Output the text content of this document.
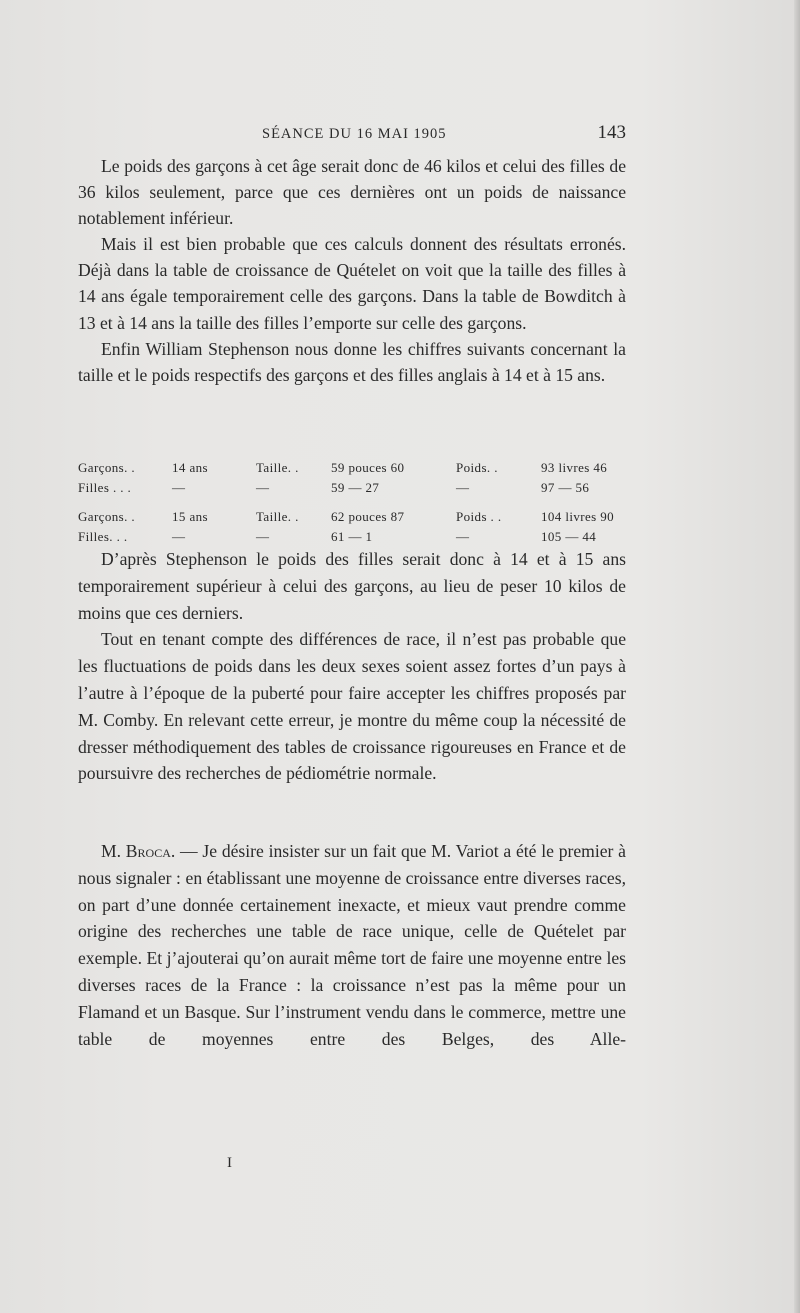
SÉANCE DU 16 MAI 1905	143

Le poids des garçons à cet âge serait donc de 46 kilos et celui des filles de 36 kilos seulement, parce que ces dernières ont un poids de naissance notablement inférieur.

Mais il est bien probable que ces calculs donnent des résultats erronés. Déjà dans la table de croissance de Quételet on voit que la taille des filles à 14 ans égale temporairement celle des garçons. Dans la table de Bowditch à 13 et à 14 ans la taille des filles l’emporte sur celle des garçons.

Enfin William Stephenson nous donne les chiffres suivants concernant la taille et le poids respectifs des garçons et des filles anglais à 14 et à 15 ans.

Garçons. .	14 ans	Taille. . 59 pouces 60	Poids. .	93 livres 46
Filles . . .	—	—	59 — 27	—	97 — 56
Garçons. .	15 ans	Taille. . 62 pouces 87	Poids . .	104 livres 90
Filles. . .	—	—	61 — 1	—	105 — 44

D’après Stephenson le poids des filles serait donc à 14 et à 15 ans temporairement supérieur à celui des garçons, au lieu de peser 10 kilos de moins que ces derniers.

Tout en tenant compte des différences de race, il n’est pas probable que les fluctuations de poids dans les deux sexes soient assez fortes d’un pays à l’autre à l’époque de la puberté pour faire accepter les chiffres proposés par M. Comby. En relevant cette erreur, je montre du même coup la nécessité de dresser méthodiquement des tables de croissance rigoureuses en France et de poursuivre des recherches de pédiométrie normale.

M. Broca. — Je désire insister sur un fait que M. Variot a été le premier à nous signaler : en établissant une moyenne de croissance entre diverses races, on part d’une donnée certainement inexacte, et mieux vaut prendre comme origine des recherches une table de race unique, celle de Quételet par exemple. Et j’ajouterai qu’on aurait même tort de faire une moyenne entre les diverses races de la France : la croissance n’est pas la même pour un Flamand et un Basque. Sur l’instrument vendu dans le commerce, mettre une table de moyennes entre des Belges, des Alle-

I
